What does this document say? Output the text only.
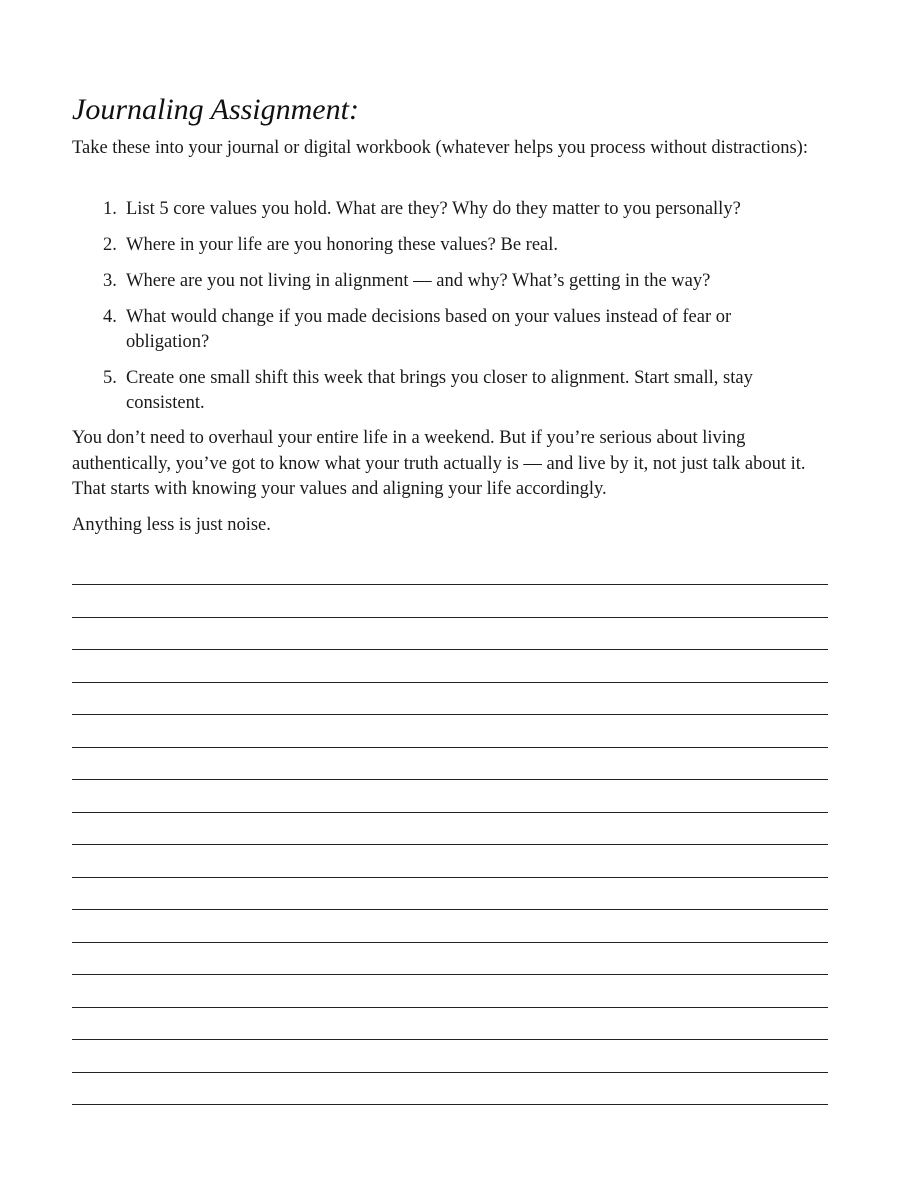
Journaling Assignment:

Take these into your journal or digital workbook (whatever helps you process without distractions):

1. List 5 core values you hold. What are they? Why do they matter to you personally?
2. Where in your life are you honoring these values? Be real.
3. Where are you not living in alignment — and why? What’s getting in the way?
4. What would change if you made decisions based on your values instead of fear or obligation?
5. Create one small shift this week that brings you closer to alignment. Start small, stay consistent.

You don’t need to overhaul your entire life in a weekend. But if you’re serious about living authentically, you’ve got to know what your truth actually is — and live by it, not just talk about it. That starts with knowing your values and aligning your life accordingly.

Anything less is just noise.
